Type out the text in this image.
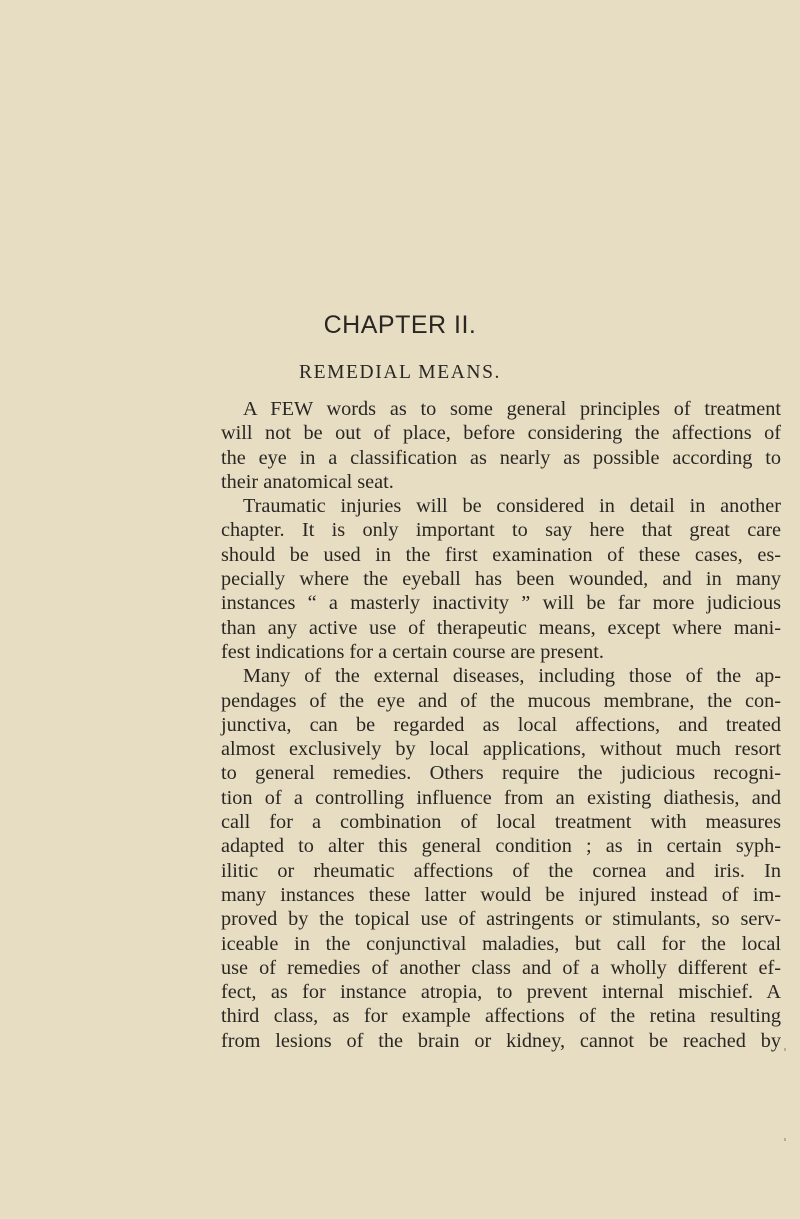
CHAPTER II.
REMEDIAL MEANS.
A FEW words as to some general principles of treatment
will not be out of place, before considering the affections of
the eye in a classification as nearly as possible according to
their anatomical seat.
Traumatic injuries will be considered in detail in another
chapter. It is only important to say here that great care
should be used in the first examination of these cases, es-
pecially where the eyeball has been wounded, and in many
instances “ a masterly inactivity ” will be far more judicious
than any active use of therapeutic means, except where mani-
fest indications for a certain course are present.
Many of the external diseases, including those of the ap-
pendages of the eye and of the mucous membrane, the con-
junctiva, can be regarded as local affections, and treated
almost exclusively by local applications, without much resort
to general remedies. Others require the judicious recogni-
tion of a controlling influence from an existing diathesis, and
call for a combination of local treatment with measures
adapted to alter this general condition ; as in certain syph-
ilitic or rheumatic affections of the cornea and iris. In
many instances these latter would be injured instead of im-
proved by the topical use of astringents or stimulants, so serv-
iceable in the conjunctival maladies, but call for the local
use of remedies of another class and of a wholly different ef-
fect, as for instance atropia, to prevent internal mischief. A
third class, as for example affections of the retina resulting
from lesions of the brain or kidney, cannot be reached by
